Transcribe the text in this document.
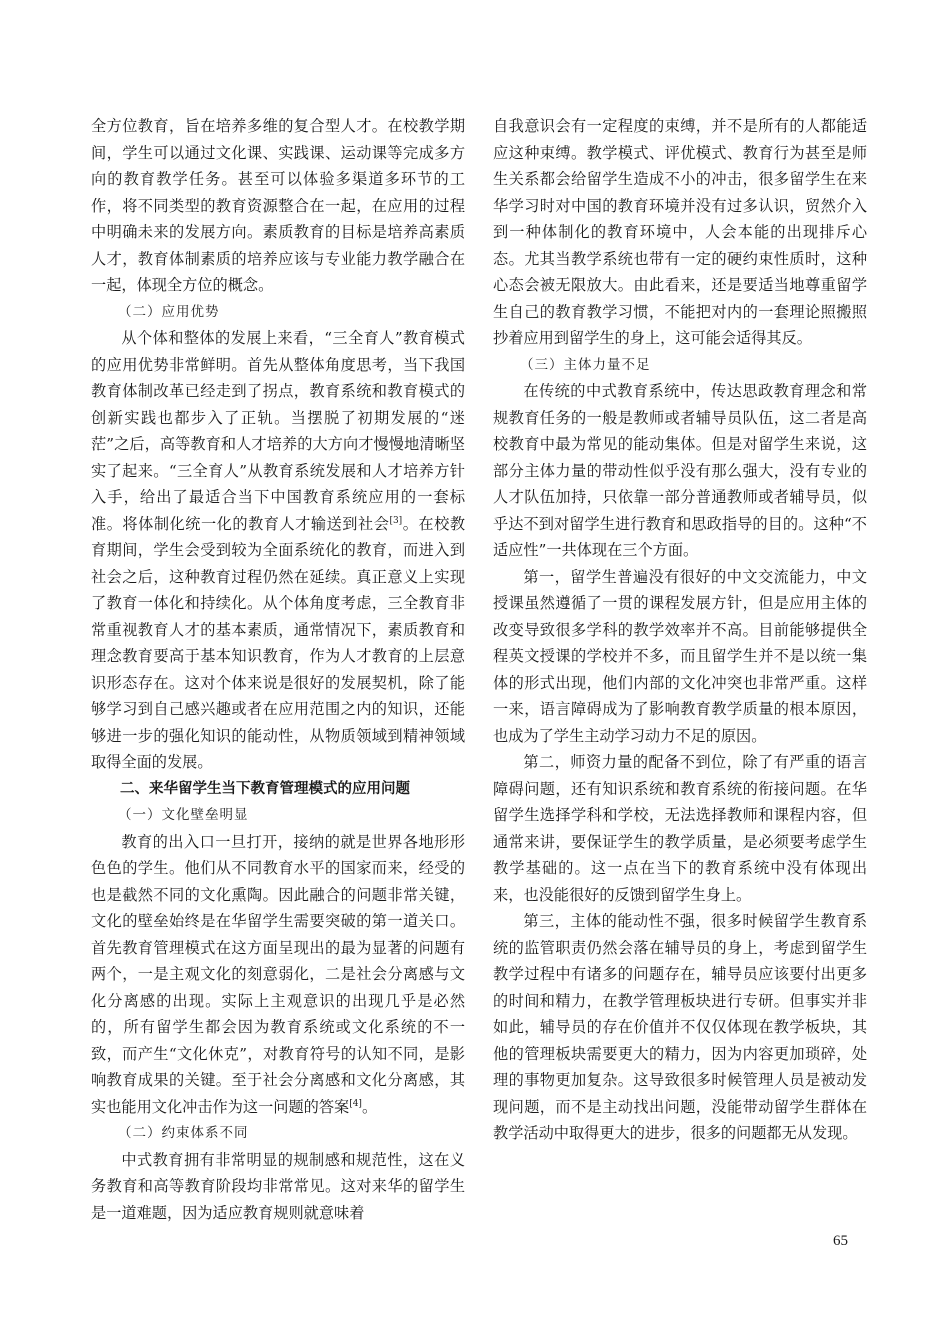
全方位教育，旨在培养多维的复合型人才。在校教学期间，学生可以通过文化课、实践课、运动课等完成多方向的教育教学任务。甚至可以体验多渠道多环节的工作，将不同类型的教育资源整合在一起，在应用的过程中明确未来的发展方向。素质教育的目标是培养高素质人才，教育体制素质的培养应该与专业能力教学融合在一起，体现全方位的概念。

（二）应用优势

从个体和整体的发展上来看，“三全育人”教育模式的应用优势非常鲜明。首先从整体角度思考，当下我国教育体制改革已经走到了拐点，教育系统和教育模式的创新实践也都步入了正轨。当摆脱了初期发展的“迷茫”之后，高等教育和人才培养的大方向才慢慢地清晰坚实了起来。“三全育人”从教育系统发展和人才培养方针入手，给出了最适合当下中国教育系统应用的一套标准。将体制化统一化的教育人才输送到社会[3]。在校教育期间，学生会受到较为全面系统化的教育，而进入到社会之后，这种教育过程仍然在延续。真正意义上实现了教育一体化和持续化。从个体角度考虑，三全教育非常重视教育人才的基本素质，通常情况下，素质教育和理念教育要高于基本知识教育，作为人才教育的上层意识形态存在。这对个体来说是很好的发展契机，除了能够学习到自己感兴趣或者在应用范围之内的知识，还能够进一步的强化知识的能动性，从物质领域到精神领域取得全面的发展。

二、来华留学生当下教育管理模式的应用问题
（一）文化壁垒明显

教育的出入口一旦打开，接纳的就是世界各地形形色色的学生。他们从不同教育水平的国家而来，经受的也是截然不同的文化熏陶。因此融合的问题非常关键，文化的壁垒始终是在华留学生需要突破的第一道关口。首先教育管理模式在这方面呈现出的最为显著的问题有两个，一是主观文化的刻意弱化，二是社会分离感与文化分离感的出现。实际上主观意识的出现几乎是必然的，所有留学生都会因为教育系统或文化系统的不一致，而产生“文化休克”，对教育符号的认知不同，是影响教育成果的关键。至于社会分离感和文化分离感，其实也能用文化冲击作为这一问题的答案[4]。

（二）约束体系不同

中式教育拥有非常明显的规制感和规范性，这在义务教育和高等教育阶段均非常常见。这对来华的留学生是一道难题，因为适应教育规则就意味着

自我意识会有一定程度的束缚，并不是所有的人都能适应这种束缚。教学模式、评优模式、教育行为甚至是师生关系都会给留学生造成不小的冲击，很多留学生在来华学习时对中国的教育环境并没有过多认识，贸然介入到一种体制化的教育环境中，人会本能的出现排斥心态。尤其当教学系统也带有一定的硬约束性质时，这种心态会被无限放大。由此看来，还是要适当地尊重留学生自己的教育教学习惯，不能把对内的一套理论照搬照抄着应用到留学生的身上，这可能会适得其反。

（三）主体力量不足

在传统的中式教育系统中，传达思政教育理念和常规教育任务的一般是教师或者辅导员队伍，这二者是高校教育中最为常见的能动集体。但是对留学生来说，这部分主体力量的带动性似乎没有那么强大，没有专业的人才队伍加持，只依靠一部分普通教师或者辅导员，似乎达不到对留学生进行教育和思政指导的目的。这种“不适应性”一共体现在三个方面。

第一，留学生普遍没有很好的中文交流能力，中文授课虽然遵循了一贯的课程发展方针，但是应用主体的改变导致很多学科的教学效率并不高。目前能够提供全程英文授课的学校并不多，而且留学生并不是以统一集体的形式出现，他们内部的文化冲突也非常严重。这样一来，语言障碍成为了影响教育教学质量的根本原因，也成为了学生主动学习动力不足的原因。

第二，师资力量的配备不到位，除了有严重的语言障碍问题，还有知识系统和教育系统的衔接问题。在华留学生选择学科和学校，无法选择教师和课程内容，但通常来讲，要保证学生的教学质量，是必须要考虑学生教学基础的。这一点在当下的教育系统中没有体现出来，也没能很好的反馈到留学生身上。

第三，主体的能动性不强，很多时候留学生教育系统的监管职责仍然会落在辅导员的身上，考虑到留学生教学过程中有诸多的问题存在，辅导员应该要付出更多的时间和精力，在教学管理板块进行专研。但事实并非如此，辅导员的存在价值并不仅仅体现在教学板块，其他的管理板块需要更大的精力，因为内容更加琐碎，处理的事物更加复杂。这导致很多时候管理人员是被动发现问题，而不是主动找出问题，没能带动留学生群体在教学活动中取得更大的进步，很多的问题都无从发现。

65
